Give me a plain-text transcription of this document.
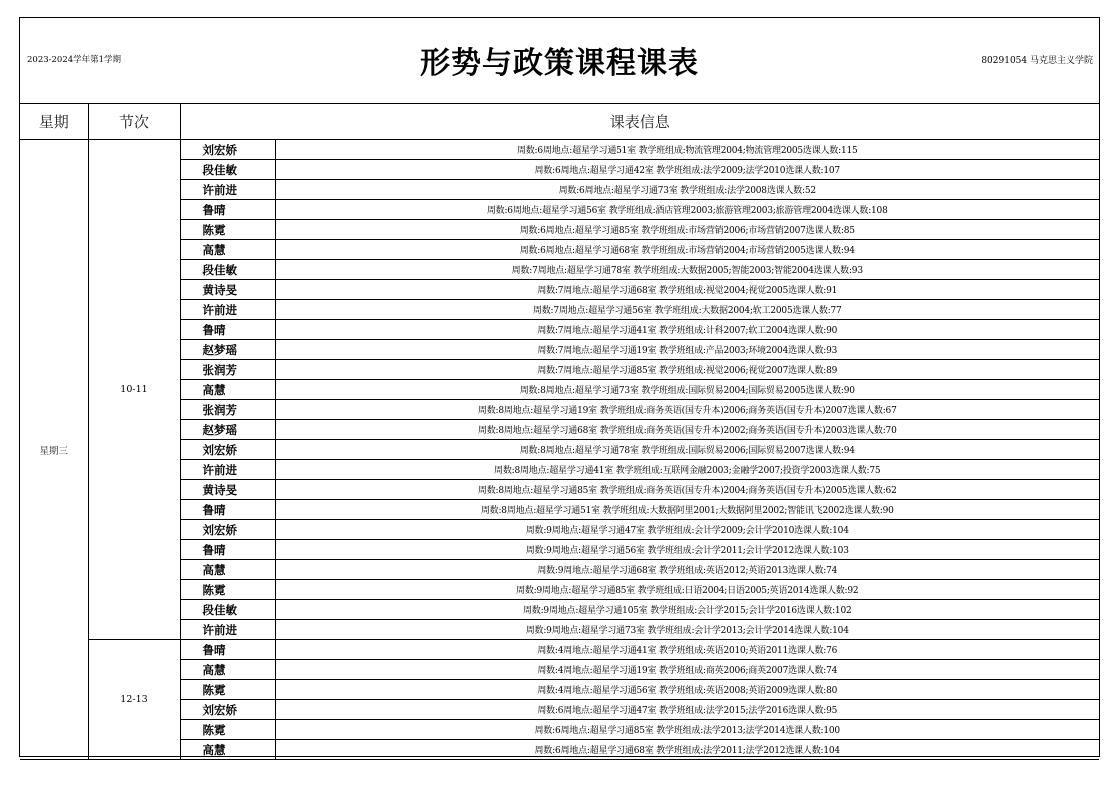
2023-2024学年第1学期	形势与政策课程课表	80291054 马克思主义学院
星期	节次	课表信息	
星期三	10-11	刘宏娇	周数:6周地点:超星学习通51室 教学班组成:物流管理2004;物流管理2005选课人数:115
		段佳敏	周数:6周地点:超星学习通42室 教学班组成:法学2009;法学2010选课人数:107
		许前进	周数:6周地点:超星学习通73室 教学班组成:法学2008选课人数:52
		鲁晴	周数:6周地点:超星学习通56室 教学班组成:酒店管理2003;旅游管理2003;旅游管理2004选课人数:108
		陈霓	周数:6周地点:超星学习通85室 教学班组成:市场营销2006;市场营销2007选课人数:85
		高慧	周数:6周地点:超星学习通68室 教学班组成:市场营销2004;市场营销2005选课人数:94
		段佳敏	周数:7周地点:超星学习通78室 教学班组成:大数据2005;智能2003;智能2004选课人数:93
		黄诗旻	周数:7周地点:超星学习通68室 教学班组成:视觉2004;视觉2005选课人数:91
		许前进	周数:7周地点:超星学习通56室 教学班组成:大数据2004;软工2005选课人数:77
		鲁晴	周数:7周地点:超星学习通41室 教学班组成:计科2007;软工2004选课人数:90
		赵梦瑶	周数:7周地点:超星学习通19室 教学班组成:产品2003;环境2004选课人数:93
		张润芳	周数:7周地点:超星学习通85室 教学班组成:视觉2006;视觉2007选课人数:89
		高慧	周数:8周地点:超星学习通73室 教学班组成:国际贸易2004;国际贸易2005选课人数:90
		张润芳	周数:8周地点:超星学习通19室 教学班组成:商务英语(国专升本)2006;商务英语(国专升本)2007选课人数:67
		赵梦瑶	周数:8周地点:超星学习通68室 教学班组成:商务英语(国专升本)2002;商务英语(国专升本)2003选课人数:70
		刘宏娇	周数:8周地点:超星学习通78室 教学班组成:国际贸易2006;国际贸易2007选课人数:94
		许前进	周数:8周地点:超星学习通41室 教学班组成:互联网金融2003;金融学2007;投资学2003选课人数:75
		黄诗旻	周数:8周地点:超星学习通85室 教学班组成:商务英语(国专升本)2004;商务英语(国专升本)2005选课人数:62
		鲁晴	周数:8周地点:超星学习通51室 教学班组成:大数据阿里2001;大数据阿里2002;智能讯飞2002选课人数:90
		刘宏娇	周数:9周地点:超星学习通47室 教学班组成:会计学2009;会计学2010选课人数:104
		鲁晴	周数:9周地点:超星学习通56室 教学班组成:会计学2011;会计学2012选课人数:103
		高慧	周数:9周地点:超星学习通68室 教学班组成:英语2012;英语2013选课人数:74
		陈霓	周数:9周地点:超星学习通85室 教学班组成:日语2004;日语2005;英语2014选课人数:92
		段佳敏	周数:9周地点:超星学习通105室 教学班组成:会计学2015;会计学2016选课人数:102
		许前进	周数:9周地点:超星学习通73室 教学班组成:会计学2013;会计学2014选课人数:104
	12-13	鲁晴	周数:4周地点:超星学习通41室 教学班组成:英语2010;英语2011选课人数:76
		高慧	周数:4周地点:超星学习通19室 教学班组成:商英2006;商英2007选课人数:74
		陈霓	周数:4周地点:超星学习通56室 教学班组成:英语2008;英语2009选课人数:80
		刘宏娇	周数:6周地点:超星学习通47室 教学班组成:法学2015;法学2016选课人数:95
		陈霓	周数:6周地点:超星学习通85室 教学班组成:法学2013;法学2014选课人数:100
		高慧	周数:6周地点:超星学习通68室 教学班组成:法学2011;法学2012选课人数:104
